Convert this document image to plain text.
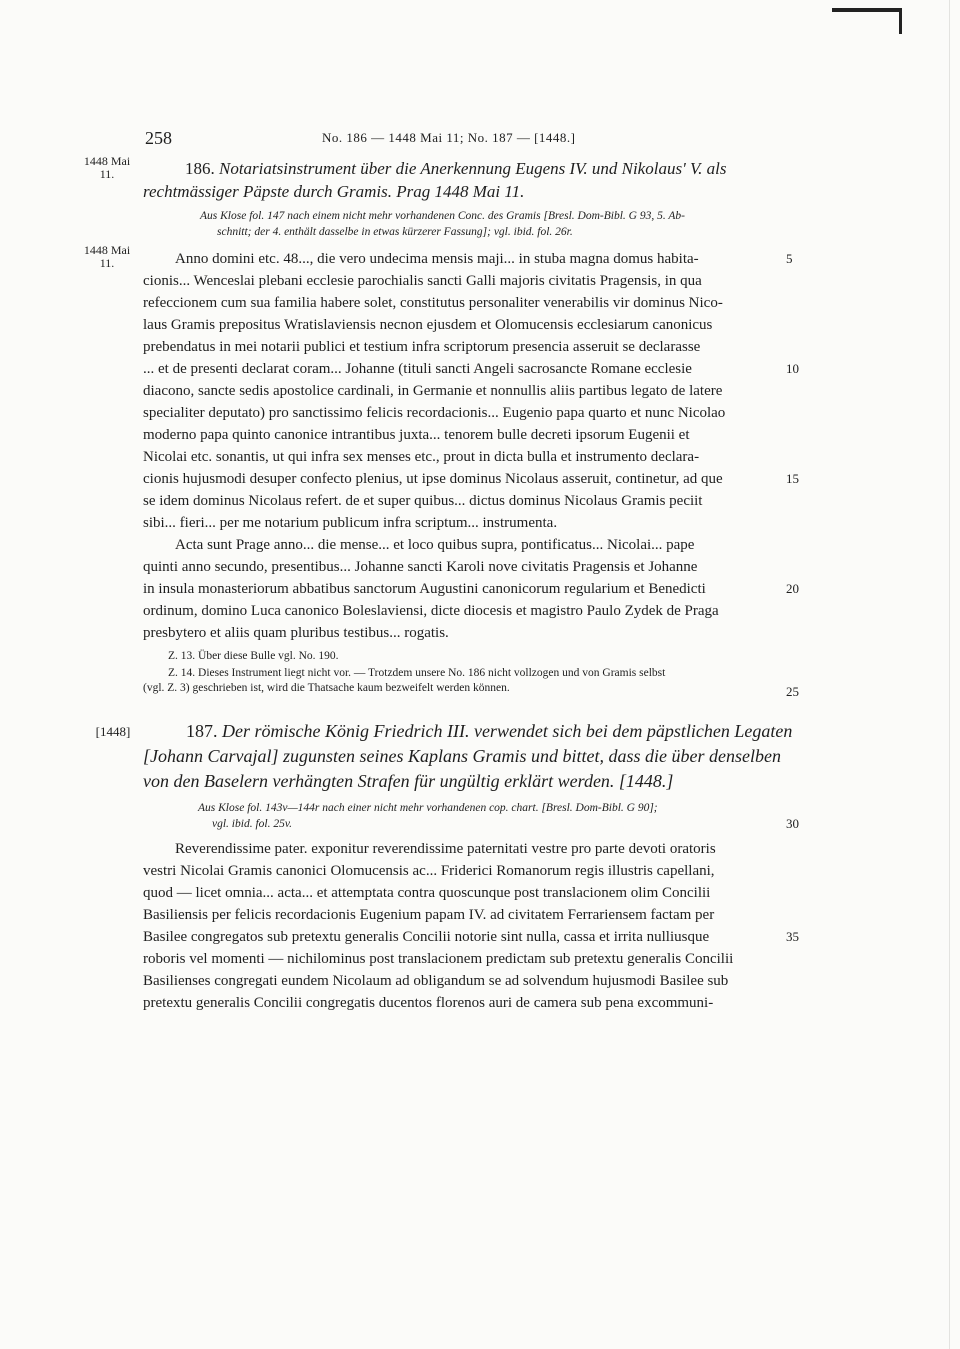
258	No. 186 — 1448 Mai 11; No. 187 — [1448.]
1448 Mai 11.	186. Notariatsinstrument über die Anerkennung Eugens IV. und Nikolaus' V. als
rechtmässiger Päpste durch Gramis. Prag 1448 Mai 11.
Aus Klose fol. 147 nach einem nicht mehr vorhandenen Conc. des Gramis [Bresl. Dom-Bibl. G 93, 5. Ab-
schnitt; der 4. enthält dasselbe in etwas kürzerer Fassung]; vgl. ibid. fol. 26r.
1448 Mai 11.	Anno domini etc. 48..., die vero undecima mensis maji... in stuba magna domus habita-
cionis... Wenceslai plebani ecclesie parochialis sancti Galli majoris civitatis Pragensis, in qua
refeccionem cum sua familia habere solet, constitutus personaliter venerabilis vir dominus Nico-
laus Gramis prepositus Wratislaviensis necnon ejusdem et Olomucensis ecclesiarum canonicus
prebendatus in mei notarii publici et testium infra scriptorum presencia asseruit se declarasse
... et de presenti declarat coram... Johanne (tituli sancti Angeli sacrosancte Romane ecclesie
diacono, sancte sedis apostolice cardinali, in Germanie et nonnullis aliis partibus legato de latere
specialiter deputato) pro sanctissimo felicis recordacionis... Eugenio papa quarto et nunc Nicolao
moderno papa quinto canonice intrantibus juxta... tenorem bulle decreti ipsorum Eugenii et
Nicolai etc. sonantis, ut qui infra sex menses etc., prout in dicta bulla et instrumento declara-
cionis hujusmodi desuper confecto plenius, ut ipse dominus Nicolaus asseruit, continetur, ad que
se idem dominus Nicolaus refert. de et super quibus... dictus dominus Nicolaus Gramis peciit
sibi... fieri... per me notarium publicum infra scriptum... instrumenta.
Acta sunt Prage anno... die mense... et loco quibus supra, pontificatus... Nicolai... pape
quinti anno secundo, presentibus... Johanne sancti Karoli nove civitatis Pragensis et Johanne
in insula monasteriorum abbatibus sanctorum Augustini canonicorum regularium et Benedicti
ordinum, domino Luca canonico Boleslaviensi, dicte diocesis et magistro Paulo Zydek de Praga
presbytero et aliis quam pluribus testibus... rogatis.
5
10
15
20
25
Z. 13. Über diese Bulle vgl. No. 190.
Z. 14. Dieses Instrument liegt nicht vor. — Trotzdem unsere No. 186 nicht vollzogen und von Gramis selbst
(vgl. Z. 3) geschrieben ist, wird die Thatsache kaum bezweifelt werden können.
[1448]	187. Der römische König Friedrich III. verwendet sich bei dem päpstlichen Legaten
[Johann Carvajal] zugunsten seines Kaplans Gramis und bittet, dass die über denselben
von den Baselern verhängten Strafen für ungültig erklärt werden. [1448.]
Aus Klose fol. 143v—144r nach einer nicht mehr vorhandenen cop. chart. [Bresl. Dom-Bibl. G 90];
vgl. ibid. fol. 25v.	30
Reverendissime pater. exponitur reverendissime paternitati vestre pro parte devoti oratoris
vestri Nicolai Gramis canonici Olomucensis ac... Friderici Romanorum regis illustris capellani,
quod — licet omnia... acta... et attemptata contra quoscunque post translacionem olim Concilii
Basiliensis per felicis recordacionis Eugenium papam IV. ad civitatem Ferrariensem factam per
Basilee congregatos sub pretextu generalis Concilii notorie sint nulla, cassa et irrita nulliusque
roboris vel momenti — nichilominus post translacionem predictam sub pretextu generalis Concilii
Basilienses congregati eundem Nicolaum ad obligandum se ad solvendum hujusmodi Basilee sub
pretextu generalis Concilii congregatis ducentos florenos auri de camera sub pena excommuni-
35
